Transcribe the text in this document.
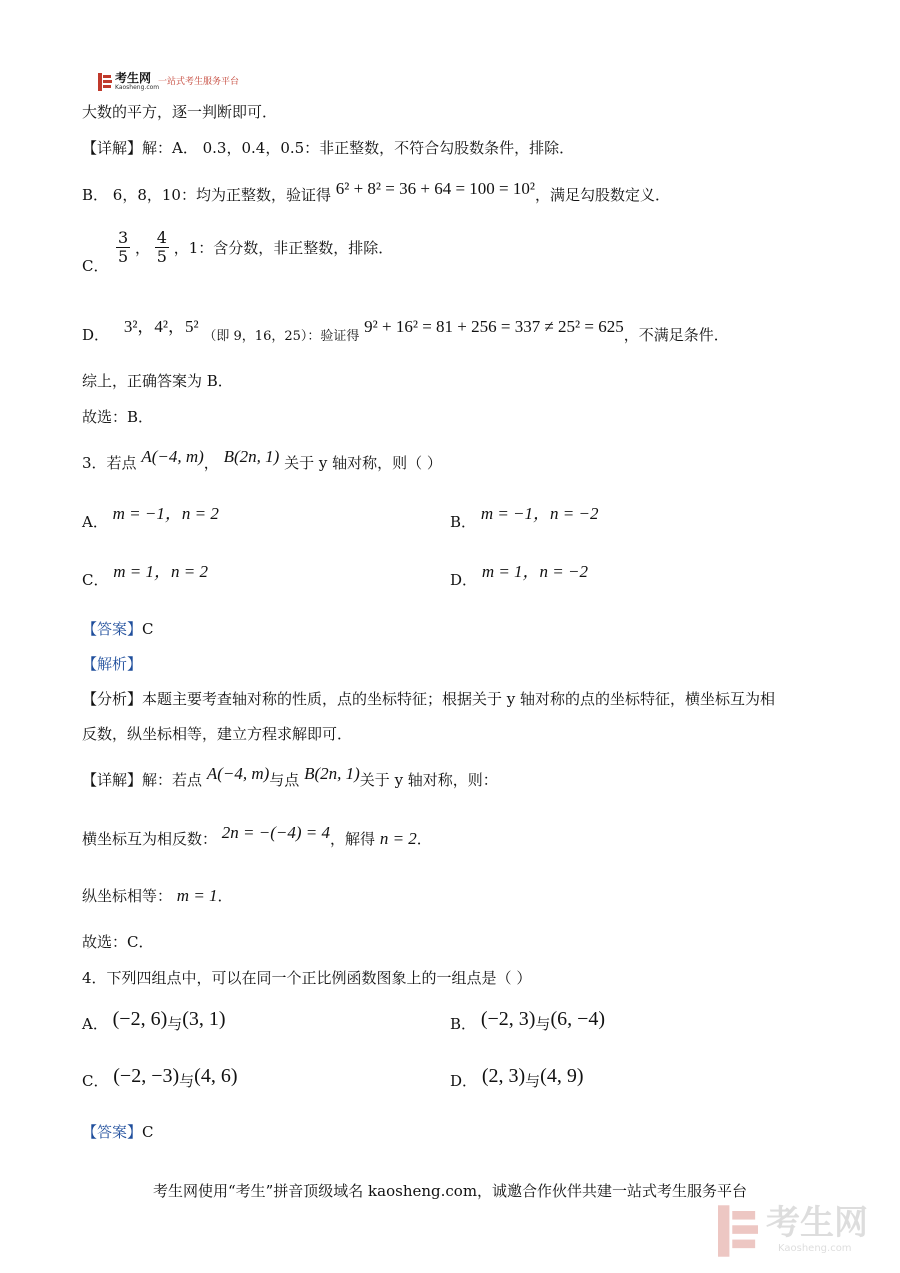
考生网
Kaosheng.com
一站式考生服务平台
大数的平方，逐一判断即可．
【详解】解：A． 0.3，0.4，0.5：非正整数，不符合勾股数条件，排除．
B． 6，8，10：均为正整数，验证得 6² + 8² = 36 + 64 = 100 = 10²，满足勾股数定义．
C． $\frac{3}{5}$ ， $\frac{4}{5}$ ，1：含分数，非正整数，排除．
D． 3²，4²，5² （即 9，16，25）：验证得 9² + 16² = 81 + 256 = 337 ≠ 25² = 625，不满足条件．
综上，正确答案为 B．
故选：B．
3．若点 A(−4, m)， B(2n, 1) 关于 y 轴对称，则（ ）
A． m = −1，n = 2	B． m = −1，n = −2
C． m = 1，n = 2	D． m = 1，n = −2
【答案】C
【解析】
【分析】本题主要考查轴对称的性质，点的坐标特征；根据关于 y 轴对称的点的坐标特征，横坐标互为相
反数，纵坐标相等，建立方程求解即可．
【详解】解：若点 A(−4, m)与点 B(2n, 1)关于 y 轴对称，则：
横坐标互为相反数： 2n = −(−4) = 4，解得 n = 2．
纵坐标相等： m = 1．
故选：C．
4．下列四组点中，可以在同一个正比例函数图象上的一组点是（ ）
A． (−2, 6)与(3, 1)	B． (−2, 3)与(6, −4)
C． (−2, −3)与(4, 6)	D． (2, 3)与(4, 9)
【答案】C
考生网使用“考生”拼音顶级域名 kaosheng.com，诚邀合作伙伴共建一站式考生服务平台
考生网
Kaosheng.com
